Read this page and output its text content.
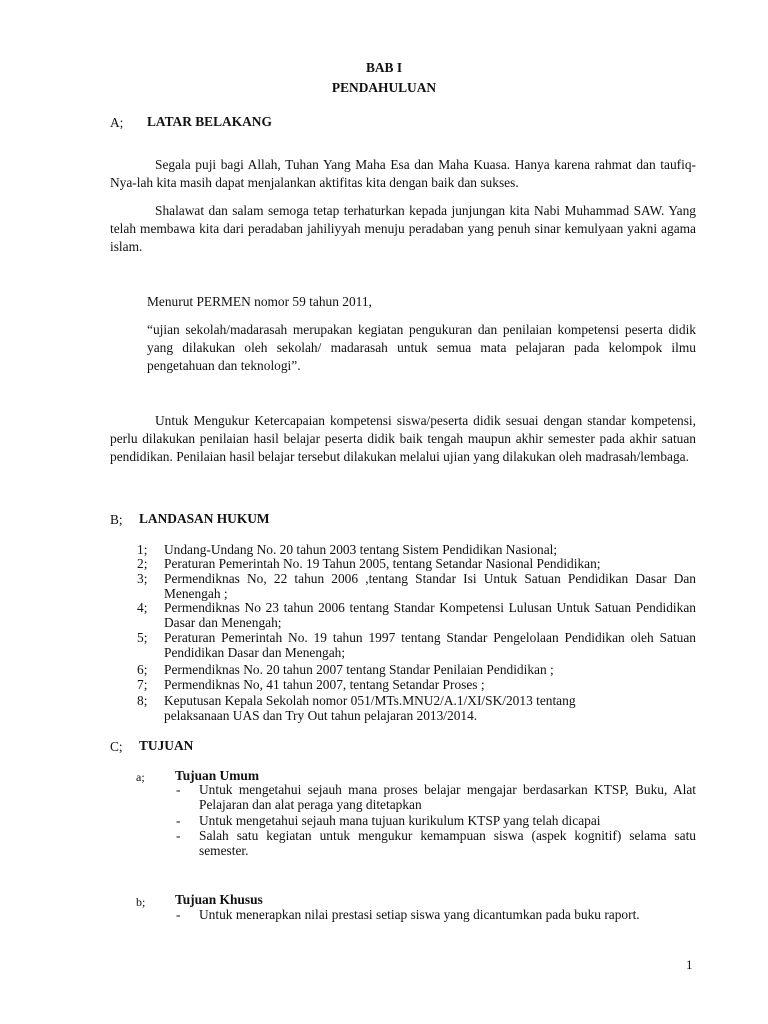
BAB I
PENDAHULUAN
A; LATAR BELAKANG
Segala puji bagi Allah, Tuhan Yang Maha Esa dan Maha Kuasa. Hanya karena rahmat dan taufiq-Nya-lah kita masih dapat menjalankan aktifitas kita dengan baik dan sukses.
Shalawat dan salam semoga tetap terhaturkan kepada junjungan kita Nabi Muhammad SAW. Yang telah membawa kita dari peradaban jahiliyyah menuju peradaban yang penuh sinar kemulyaan yakni agama islam.
Menurut PERMEN nomor 59 tahun 2011,
“ujian sekolah/madarasah merupakan kegiatan pengukuran dan penilaian kompetensi peserta didik yang dilakukan oleh sekolah/ madarasah untuk semua mata pelajaran pada kelompok ilmu pengetahuan dan teknologi”.
Untuk Mengukur Ketercapaian kompetensi siswa/peserta didik sesuai dengan standar kompetensi, perlu dilakukan penilaian hasil belajar peserta didik baik tengah maupun akhir semester pada akhir satuan pendidikan. Penilaian hasil belajar tersebut dilakukan melalui ujian yang dilakukan oleh madrasah/lembaga.
B; LANDASAN HUKUM
1; Undang-Undang No. 20 tahun 2003 tentang Sistem Pendidikan Nasional;
2; Peraturan Pemerintah No. 19 Tahun 2005, tentang Setandar Nasional Pendidikan;
3; Permendiknas No, 22 tahun 2006 ,tentang Standar Isi Untuk Satuan Pendidikan Dasar Dan Menengah ;
4; Permendiknas No 23 tahun 2006 tentang Standar Kompetensi Lulusan Untuk Satuan Pendidikan Dasar dan Menengah;
5; Peraturan Pemerintah No. 19 tahun 1997 tentang Standar Pengelolaan Pendidikan oleh Satuan Pendidikan Dasar dan Menengah;
6; Permendiknas No. 20 tahun 2007 tentang Standar Penilaian Pendidikan ;
7; Permendiknas No, 41 tahun 2007, tentang Setandar Proses ;
8; Keputusan Kepala Sekolah nomor 051/MTs.MNU2/A.1/XI/SK/2013 tentang
pelaksanaan UAS dan Try Out tahun pelajaran 2013/2014.
C; TUJUAN
a; Tujuan Umum
- Untuk mengetahui sejauh mana proses belajar mengajar berdasarkan KTSP, Buku, Alat Pelajaran dan alat peraga yang ditetapkan
- Untuk mengetahui sejauh mana tujuan kurikulum KTSP yang telah dicapai
- Salah satu kegiatan untuk mengukur kemampuan siswa (aspek kognitif) selama satu semester.
b; Tujuan Khusus
- Untuk menerapkan nilai prestasi setiap siswa yang dicantumkan pada buku raport.
1
